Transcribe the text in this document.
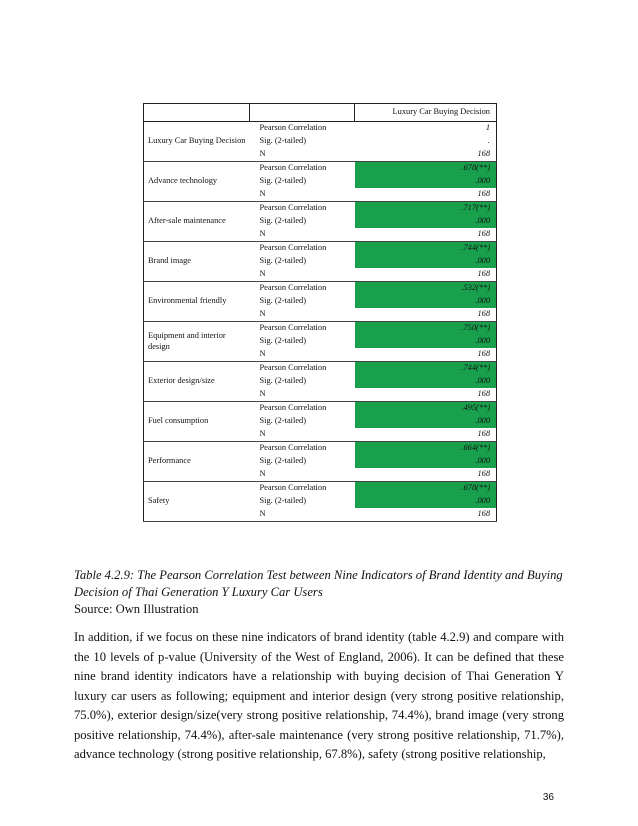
		Luxury Car Buying Decision
Luxury Car Buying Decision	Pearson Correlation	1
	Sig. (2-tailed)	.
	N	168
Advance technology	Pearson Correlation	.678(**)
	Sig. (2-tailed)	.000
	N	168
After-sale maintenance	Pearson Correlation	.717(**)
	Sig. (2-tailed)	.000
	N	168
Brand image	Pearson Correlation	.744(**)
	Sig. (2-tailed)	.000
	N	168
Environmental friendly	Pearson Correlation	.532(**)
	Sig. (2-tailed)	.000
	N	168
Equipment and interior design	Pearson Correlation	.750(**)
	Sig. (2-tailed)	.000
	N	168
Exterior design/size	Pearson Correlation	.744(**)
	Sig. (2-tailed)	.000
	N	168
Fuel consumption	Pearson Correlation	.495(**)
	Sig. (2-tailed)	.000
	N	168
Performance	Pearson Correlation	.664(**)
	Sig. (2-tailed)	.000
	N	168
Safety	Pearson Correlation	.678(**)
	Sig. (2-tailed)	.000
	N	168
Table 4.2.9: The Pearson Correlation Test between Nine Indicators of Brand Identity and Buying Decision of Thai Generation Y Luxury Car Users
Source: Own Illustration
In addition, if we focus on these nine indicators of brand identity (table 4.2.9) and compare with the 10 levels of p-value (University of the West of England, 2006). It can be defined that these nine brand identity indicators have a relationship with buying decision of Thai Generation Y luxury car users as following; equipment and interior design (very strong positive relationship, 75.0%), exterior design/size(very strong positive relationship, 74.4%), brand image (very strong positive relationship, 74.4%), after-sale maintenance (very strong positive relationship, 71.7%), advance technology (strong positive relationship, 67.8%), safety (strong positive relationship,
36
